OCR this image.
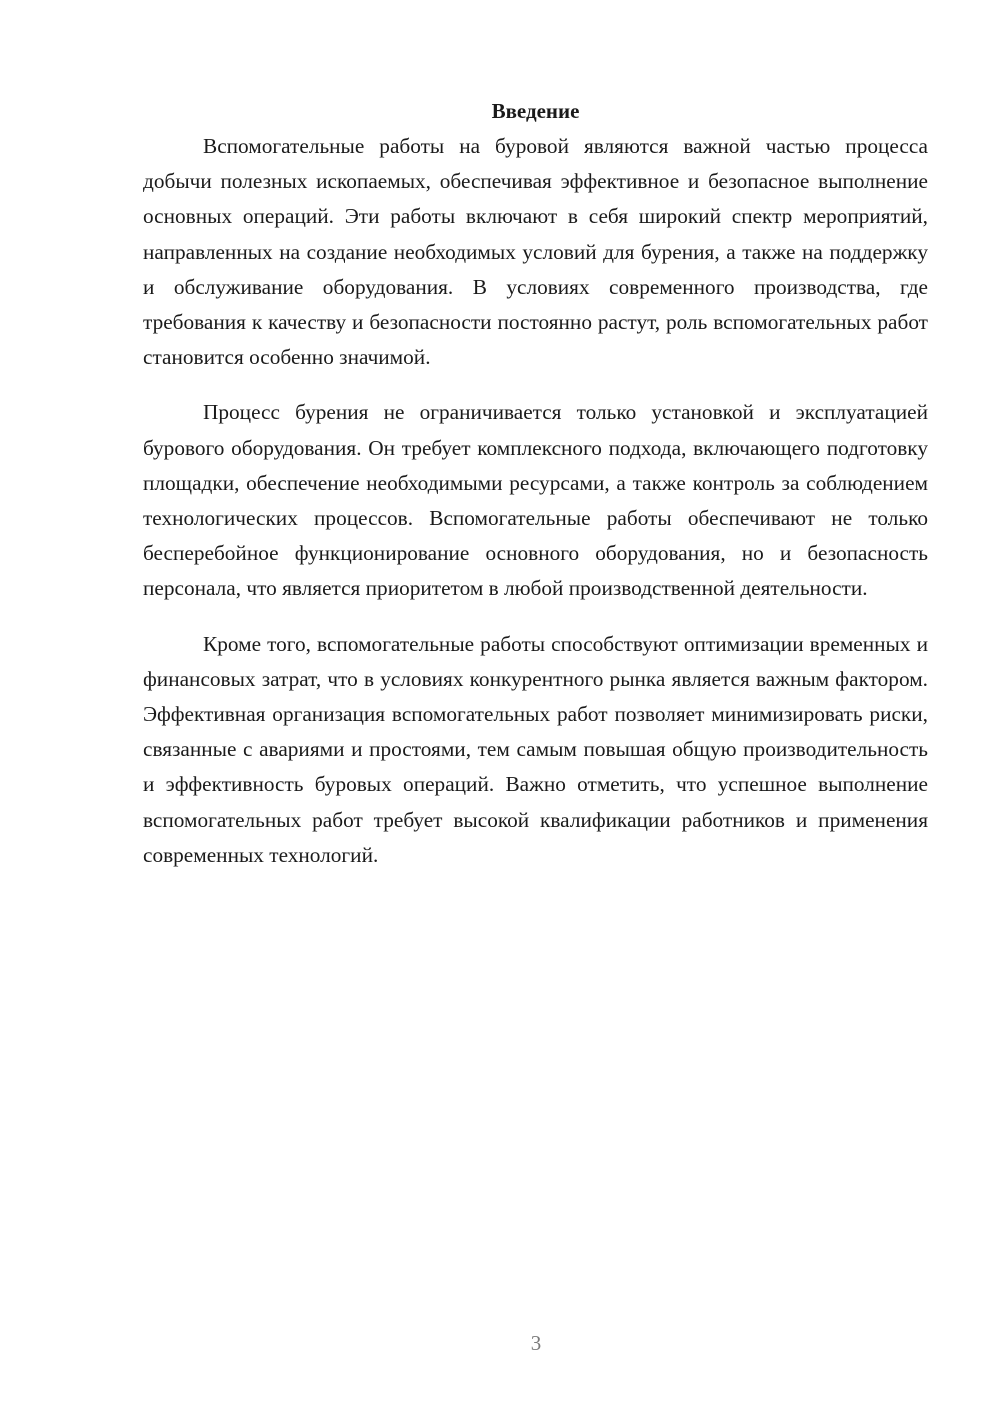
Введение

Вспомогательные работы на буровой являются важной частью процесса добычи полезных ископаемых, обеспечивая эффективное и безопасное выполнение основных операций. Эти работы включают в себя широкий спектр мероприятий, направленных на создание необходимых условий для бурения, а также на поддержку и обслуживание оборудования. В условиях современного производства, где требования к качеству и безопасности постоянно растут, роль вспомогательных работ становится особенно значимой.

Процесс бурения не ограничивается только установкой и эксплуатацией бурового оборудования. Он требует комплексного подхода, включающего подготовку площадки, обеспечение необходимыми ресурсами, а также контроль за соблюдением технологических процессов. Вспомогательные работы обеспечивают не только бесперебойное функционирование основного оборудования, но и безопасность персонала, что является приоритетом в любой производственной деятельности.

Кроме того, вспомогательные работы способствуют оптимизации временных и финансовых затрат, что в условиях конкурентного рынка является важным фактором. Эффективная организация вспомогательных работ позволяет минимизировать риски, связанные с авариями и простоями, тем самым повышая общую производительность и эффективность буровых операций. Важно отметить, что успешное выполнение вспомогательных работ требует высокой квалификации работников и применения современных технологий.

3
